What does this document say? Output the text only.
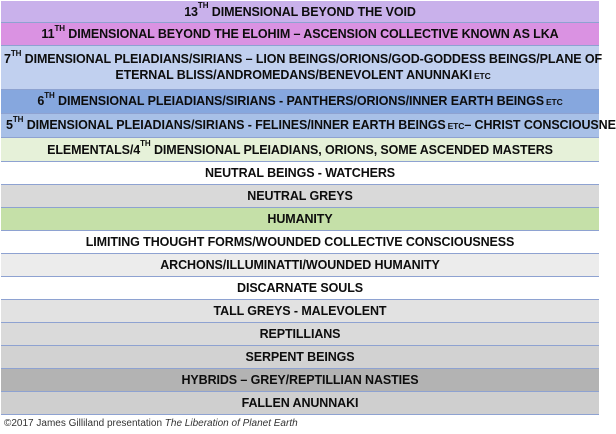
13TH DIMENSIONAL BEYOND THE VOID
11TH DIMENSIONAL BEYOND THE ELOHIM – ASCENSION COLLECTIVE KNOWN AS LKA
7TH DIMENSIONAL PLEIADIANS/SIRIANS – LION BEINGS/ORIONS/GOD-GODDESS BEINGS/PLANE OF
ETERNAL BLISS/ANDROMEDANS/BENEVOLENT ANUNNAKI ETC
6TH DIMENSIONAL PLEIADIANS/SIRIANS - PANTHERS/ORIONS/INNER EARTH BEINGS ETC
5TH DIMENSIONAL PLEIADIANS/SIRIANS - FELINES/INNER EARTH BEINGS ETC– CHRIST CONSCIOUSNE
ELEMENTALS/4TH DIMENSIONAL PLEIADIANS, ORIONS, SOME ASCENDED MASTERS
NEUTRAL BEINGS - WATCHERS
NEUTRAL GREYS
HUMANITY
LIMITING THOUGHT FORMS/WOUNDED COLLECTIVE CONSCIOUSNESS
ARCHONS/ILLUMINATTI/WOUNDED HUMANITY
DISCARNATE SOULS
TALL GREYS - MALEVOLENT
REPTILLIANS
SERPENT BEINGS
HYBRIDS – GREY/REPTILLIAN NASTIES
FALLEN ANUNNAKI
©2017 James Gilliland presentation The Liberation of Planet Earth
